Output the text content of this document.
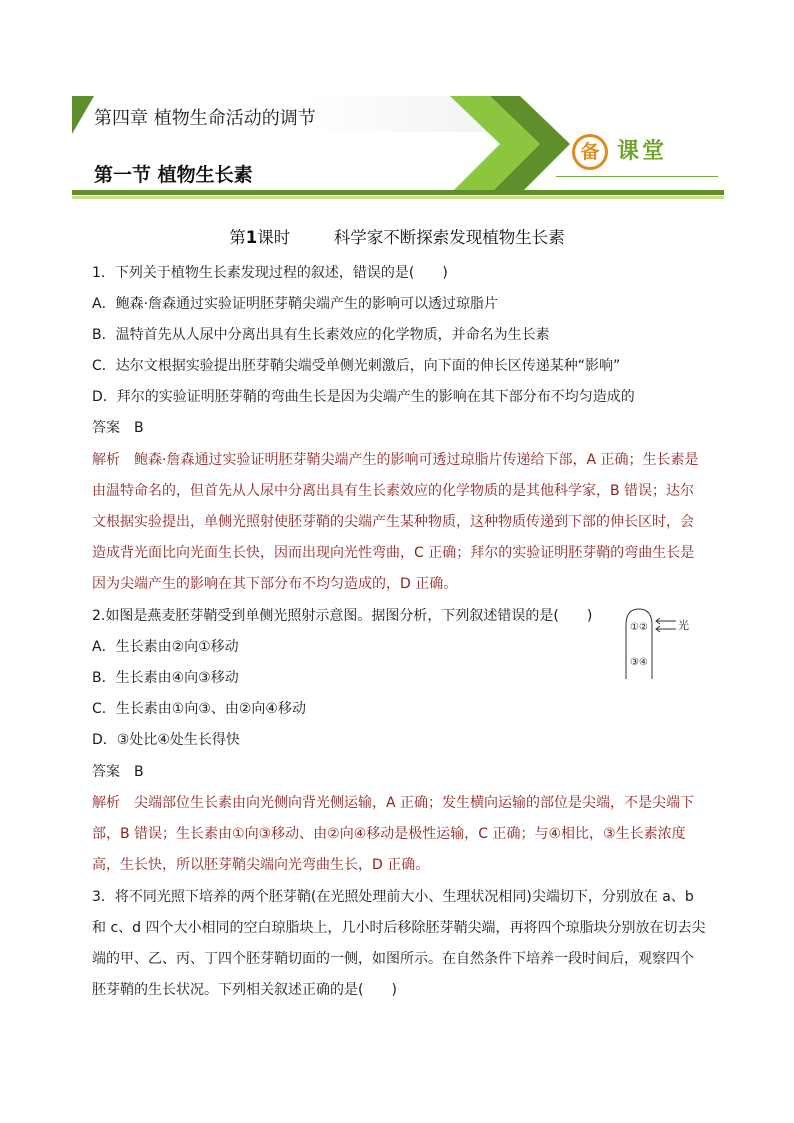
第四章 植物生命活动的调节
第一节 植物生长素
备 课堂
第1课时　　	科学家不断探索发现植物生长素
1．下列关于植物生长素发现过程的叙述，错误的是(　　)
A．鲍森·詹森通过实验证明胚芽鞘尖端产生的影响可以透过琼脂片
B．温特首先从人尿中分离出具有生长素效应的化学物质，并命名为生长素
C．达尔文根据实验提出胚芽鞘尖端受单侧光刺激后，向下面的伸长区传递某种“影响”
D．拜尔的实验证明胚芽鞘的弯曲生长是因为尖端产生的影响在其下部分布不均匀造成的
答案　B
解析　鲍森·詹森通过实验证明胚芽鞘尖端产生的影响可透过琼脂片传递给下部，A 正确；生长素是
由温特命名的，但首先从人尿中分离出具有生长素效应的化学物质的是其他科学家，B 错误；达尔
文根据实验提出，单侧光照射使胚芽鞘的尖端产生某种物质，这种物质传递到下部的伸长区时，会
造成背光面比向光面生长快，因而出现向光性弯曲，C 正确；拜尔的实验证明胚芽鞘的弯曲生长是
因为尖端产生的影响在其下部分布不均匀造成的，D 正确。
2.如图是燕麦胚芽鞘受到单侧光照射示意图。据图分析，下列叙述错误的是(　　)
A．生长素由②向①移动
B．生长素由④向③移动
C．生长素由①向③、由②向④移动
D．③处比④处生长得快
答案　B
解析　尖端部位生长素由向光侧向背光侧运输，A 正确；发生横向运输的部位是尖端，不是尖端下
部，B 错误；生长素由①向③移动、由②向④移动是极性运输，C 正确；与④相比，③生长素浓度
高，生长快，所以胚芽鞘尖端向光弯曲生长，D 正确。
①②
③④
光
3．将不同光照下培养的两个胚芽鞘(在光照处理前大小、生理状况相同)尖端切下，分别放在 a、b
和 c、d 四个大小相同的空白琼脂块上，几小时后移除胚芽鞘尖端，再将四个琼脂块分别放在切去尖
端的甲、乙、丙、丁四个胚芽鞘切面的一侧，如图所示。在自然条件下培养一段时间后，观察四个
胚芽鞘的生长状况。下列相关叙述正确的是(　　)
